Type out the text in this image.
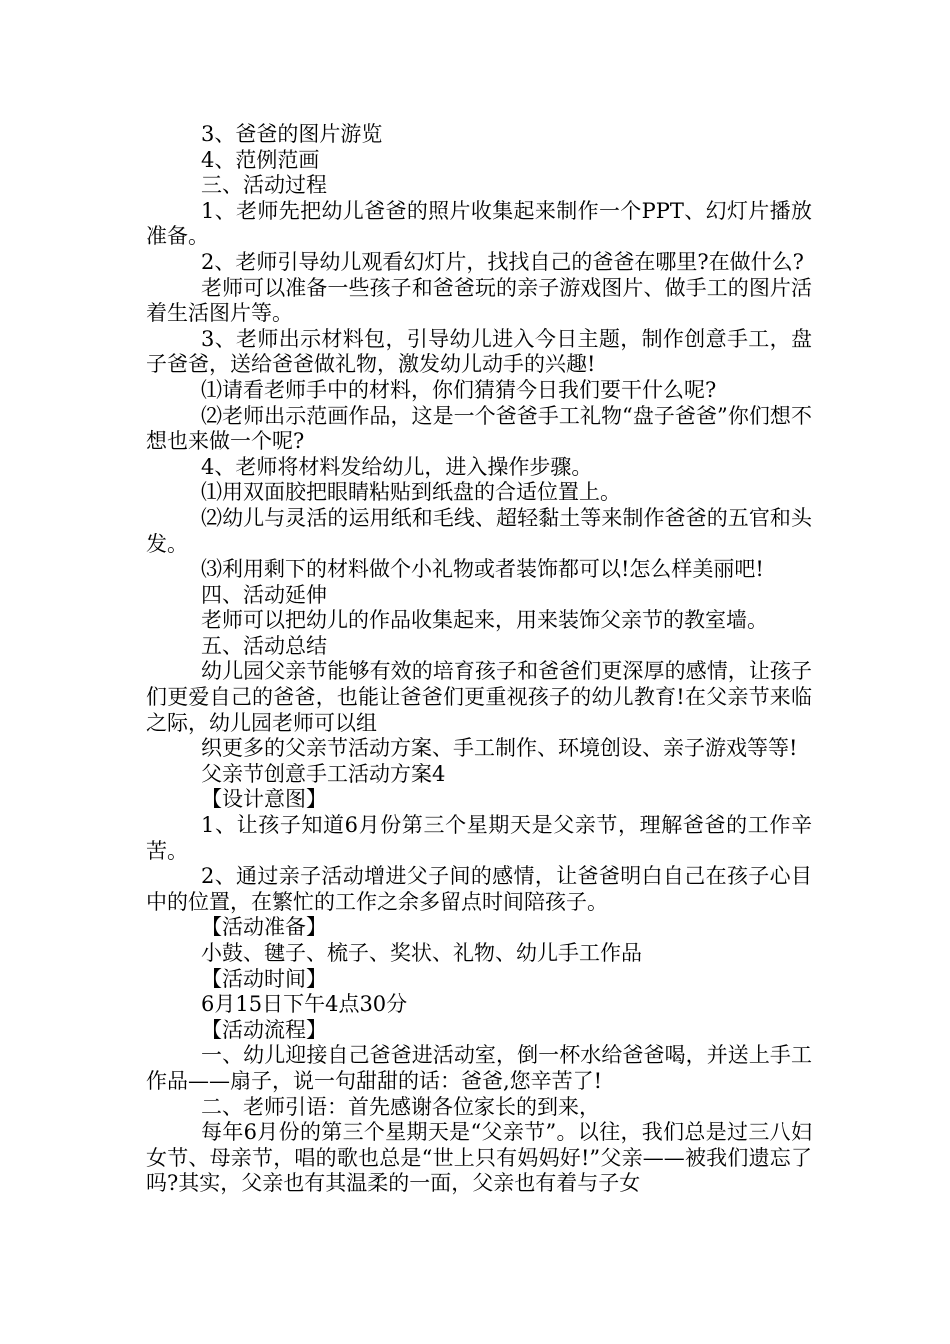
3、爸爸的图片游览

4、范例范画

三、活动过程

1、老师先把幼儿爸爸的照片收集起来制作一个PPT、幻灯片播放准备。

2、老师引导幼儿观看幻灯片，找找自己的爸爸在哪里?在做什么?

老师可以准备一些孩子和爸爸玩的亲子游戏图片、做手工的图片活着生活图片等。

3、老师出示材料包，引导幼儿进入今日主题，制作创意手工，盘子爸爸，送给爸爸做礼物，激发幼儿动手的兴趣!

⑴请看老师手中的材料，你们猜猜今日我们要干什么呢?

⑵老师出示范画作品，这是一个爸爸手工礼物“盘子爸爸”你们想不想也来做一个呢?

4、老师将材料发给幼儿，进入操作步骤。

⑴用双面胶把眼睛粘贴到纸盘的合适位置上。

⑵幼儿与灵活的运用纸和毛线、超轻黏土等来制作爸爸的五官和头发。

⑶利用剩下的材料做个小礼物或者装饰都可以!怎么样美丽吧!

四、活动延伸

老师可以把幼儿的作品收集起来，用来装饰父亲节的教室墙。

五、活动总结

幼儿园父亲节能够有效的培育孩子和爸爸们更深厚的感情，让孩子们更爱自己的爸爸，也能让爸爸们更重视孩子的幼儿教育!在父亲节来临之际，幼儿园老师可以组

织更多的父亲节活动方案、手工制作、环境创设、亲子游戏等等!

父亲节创意手工活动方案4

【设计意图】

1、让孩子知道6月份第三个星期天是父亲节，理解爸爸的工作辛苦。

2、通过亲子活动增进父子间的感情，让爸爸明白自己在孩子心目中的位置，在繁忙的工作之余多留点时间陪孩子。

【活动准备】

小鼓、毽子、梳子、奖状、礼物、幼儿手工作品

【活动时间】

6月15日下午4点30分

【活动流程】

一、幼儿迎接自己爸爸进活动室，倒一杯水给爸爸喝，并送上手工作品——扇子，说一句甜甜的话：爸爸,您辛苦了!

二、老师引语：首先感谢各位家长的到来，

每年6月份的第三个星期天是“父亲节”。以往，我们总是过三八妇女节、母亲节，唱的歌也总是“世上只有妈妈好!”父亲——被我们遗忘了吗?其实，父亲也有其温柔的一面，父亲也有着与子女
